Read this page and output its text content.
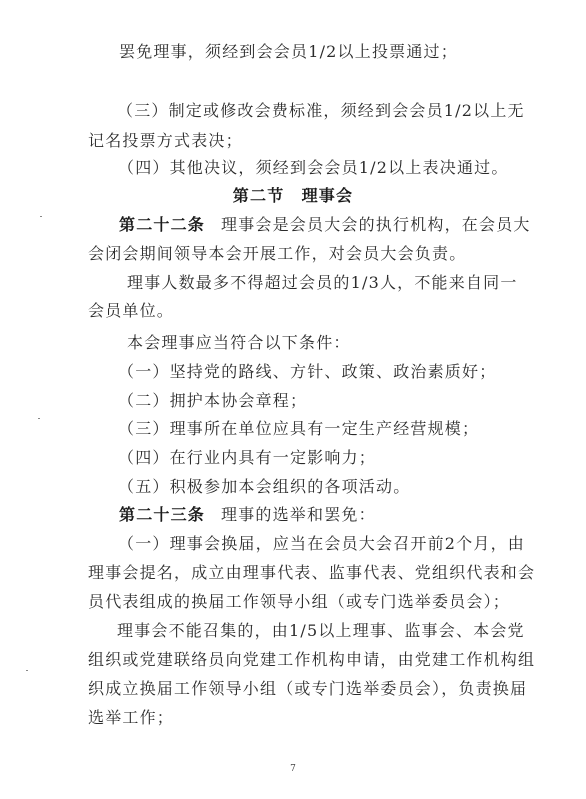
罢免理事，须经到会会员1/2以上投票通过；
（三）制定或修改会费标准，须经到会会员1/2以上无
记名投票方式表决；
（四）其他决议，须经到会会员1/2以上表决通过。
第二节　理事会
第二十二条 理事会是会员大会的执行机构，在会员大
会闭会期间领导本会开展工作，对会员大会负责。
理事人数最多不得超过会员的1/3人，不能来自同一
会员单位。
本会理事应当符合以下条件：
（一）坚持党的路线、方针、政策、政治素质好；
（二）拥护本协会章程；
（三）理事所在单位应具有一定生产经营规模；
（四）在行业内具有一定影响力；
（五）积极参加本会组织的各项活动。
第二十三条 理事的选举和罢免：
（一）理事会换届，应当在会员大会召开前2个月，由
理事会提名，成立由理事代表、监事代表、党组织代表和会
员代表组成的换届工作领导小组（或专门选举委员会）；
理事会不能召集的，由1/5以上理事、监事会、本会党
组织或党建联络员向党建工作机构申请，由党建工作机构组
织成立换届工作领导小组（或专门选举委员会），负责换届
选举工作；
7
